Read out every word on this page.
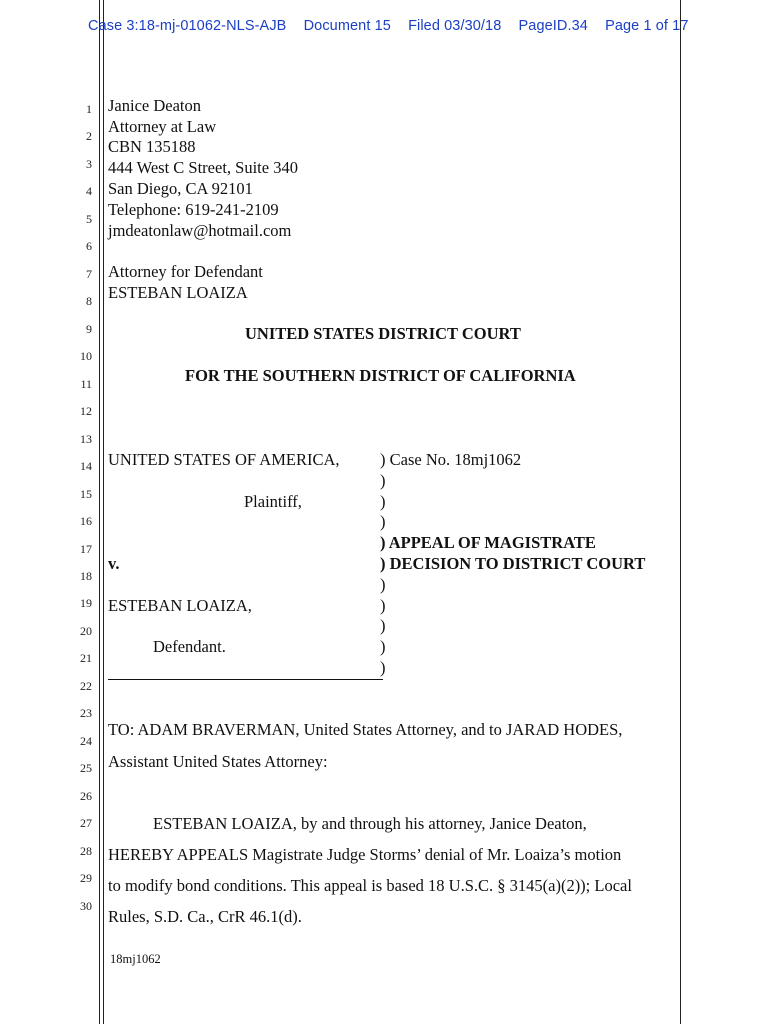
Case 3:18-mj-01062-NLS-AJB Document 15 Filed 03/30/18 PageID.34 Page 1 of 17
1
2
3
4
5
6
7
8
9
10
11
12
13
14
15
16
17
18
19
20
21
22
23
24
25
26
27
28
29
30
Janice Deaton
Attorney at Law
CBN 135188
444 West C Street, Suite 340
San Diego, CA 92101
Telephone: 619-241-2109
jmdeatonlaw@hotmail.com
Attorney for Defendant
ESTEBAN LOAIZA
UNITED STATES DISTRICT COURT
FOR THE SOUTHERN DISTRICT OF CALIFORNIA
UNITED STATES OF AMERICA,
Plaintiff,
v.
ESTEBAN LOAIZA,
Defendant.
) Case No. 18mj1062
)
)
)
) APPEAL OF MAGISTRATE
) DECISION TO DISTRICT COURT
)
)
)
)
)
TO: ADAM BRAVERMAN, United States Attorney, and to JARAD HODES,
Assistant United States Attorney:
ESTEBAN LOAIZA, by and through his attorney, Janice Deaton,
HEREBY APPEALS Magistrate Judge Storms’ denial of Mr. Loaiza’s motion
to modify bond conditions. This appeal is based 18 U.S.C. § 3145(a)(2)); Local
Rules, S.D. Ca., CrR 46.1(d).
18mj1062
